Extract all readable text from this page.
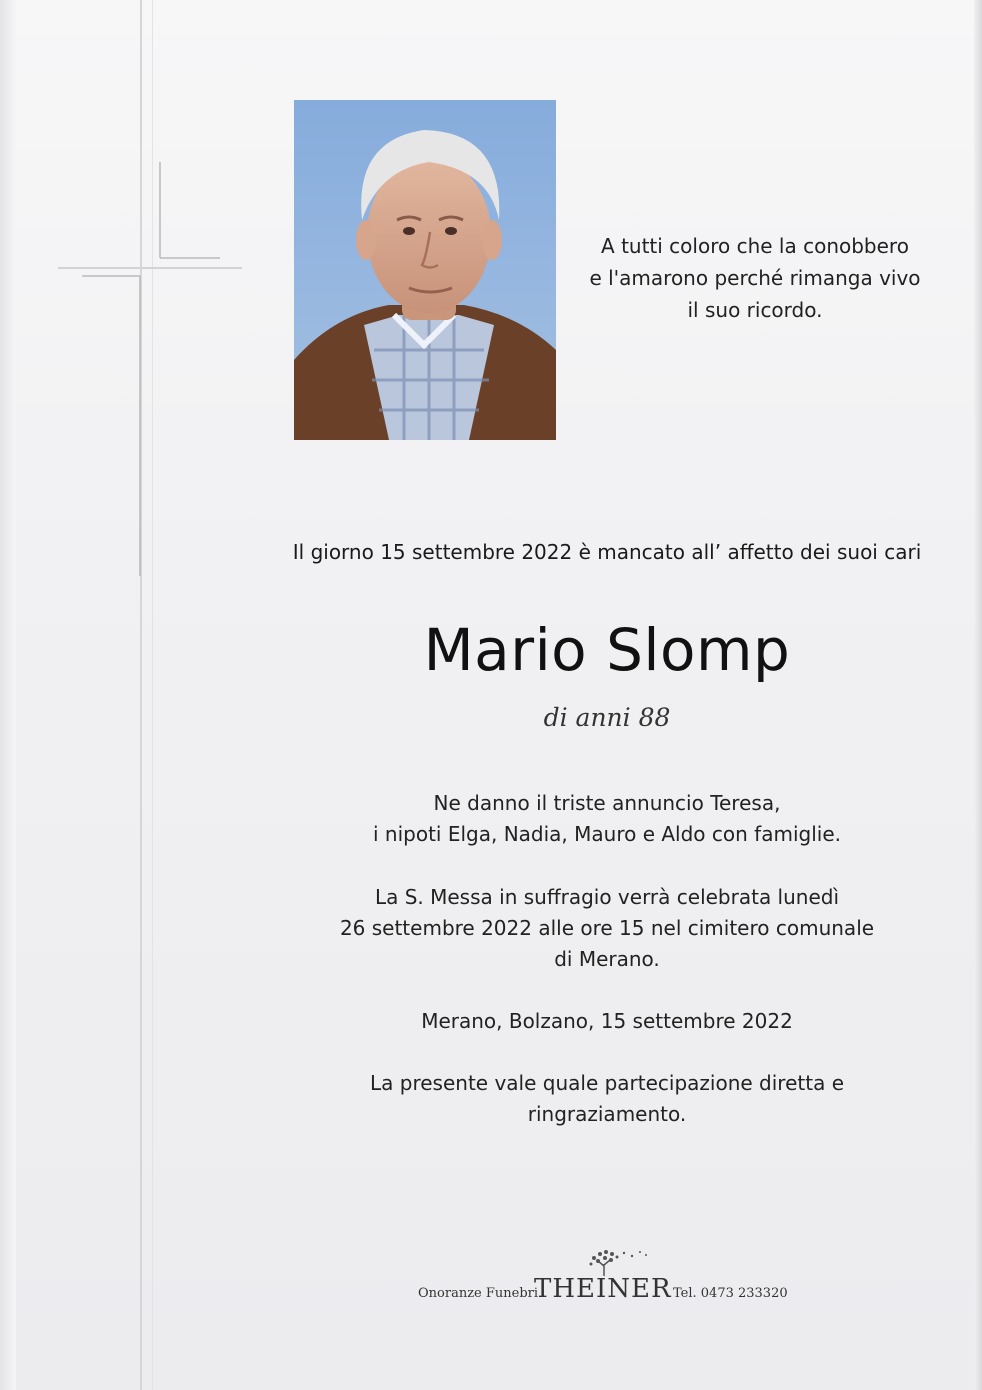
A tutti coloro che la conobbero
e l'amarono perché rimanga vivo
il suo ricordo.
Il giorno 15 settembre 2022 è mancato all’ affetto dei suoi cari
Mario Slomp
di anni 88
Ne danno il triste annuncio Teresa,
i nipoti Elga, Nadia, Mauro e Aldo con famiglie.
La S. Messa in suffragio verrà celebrata lunedì
26 settembre 2022 alle ore 15 nel cimitero comunale
di Merano.
Merano, Bolzano, 15 settembre 2022
La presente vale quale partecipazione diretta e
ringraziamento.
Onoranze Funebri
THEINER Tel. 0473 233320
